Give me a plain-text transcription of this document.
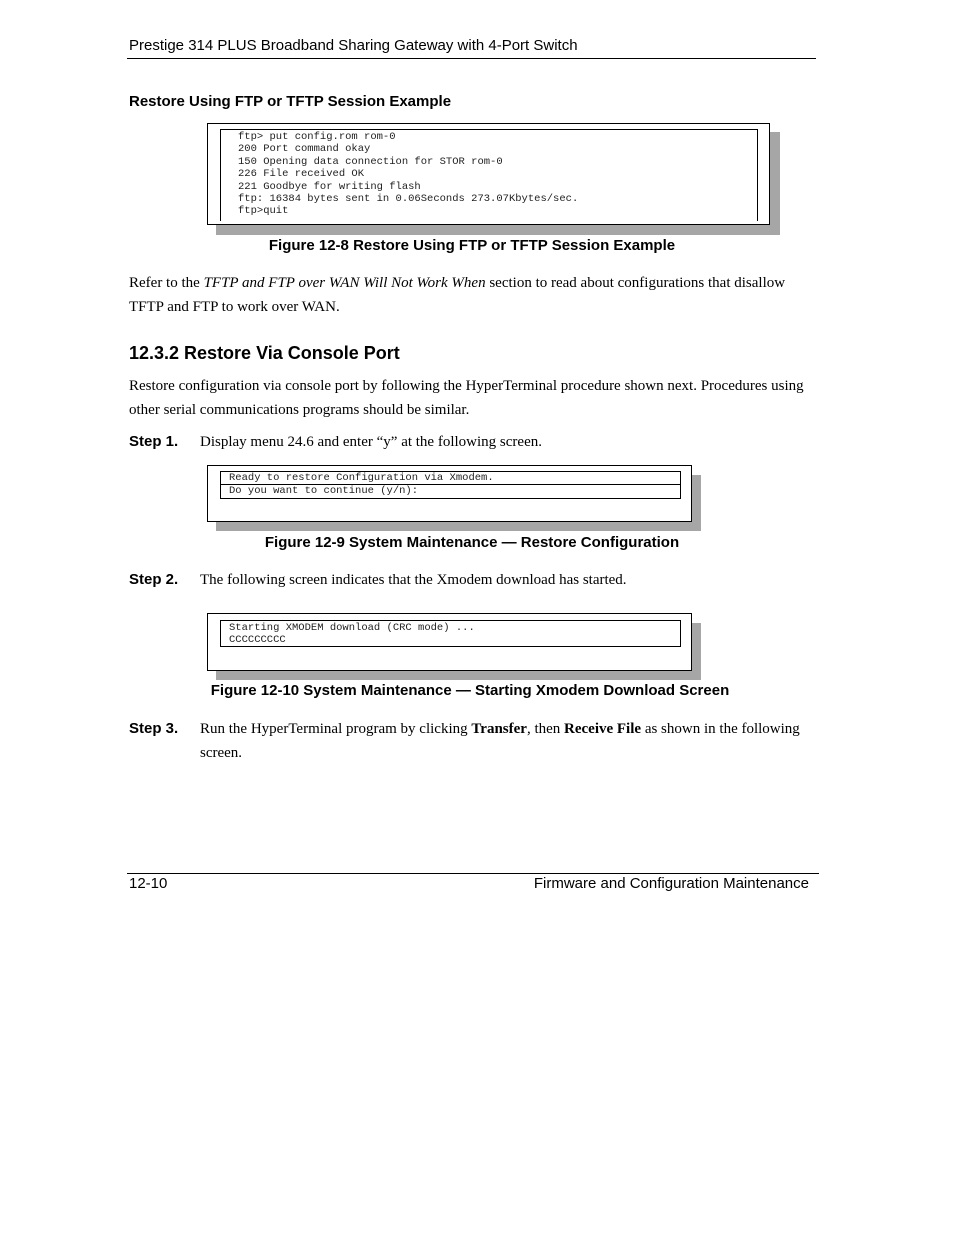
Prestige 314 PLUS Broadband Sharing Gateway with 4-Port Switch
Restore Using FTP or TFTP Session Example
ftp> put config.rom rom-0
200 Port command okay
150 Opening data connection for STOR rom-0
226 File received OK
221 Goodbye for writing flash
ftp: 16384 bytes sent in 0.06Seconds 273.07Kbytes/sec.
ftp>quit
Figure 12-8 Restore Using FTP or TFTP Session Example
Refer to the TFTP and FTP over WAN Will Not Work When section to read about configurations that disallow TFTP and FTP to work over WAN.
12.3.2 Restore Via Console Port
Restore configuration via console port by following the HyperTerminal procedure shown next. Procedures using other serial communications programs should be similar.
Step 1. Display menu 24.6 and enter “y” at the following screen.
Ready to restore Configuration via Xmodem.
Do you want to continue (y/n):
Figure 12-9 System Maintenance — Restore Configuration
Step 2. The following screen indicates that the Xmodem download has started.
Starting XMODEM download (CRC mode) ...
CCCCCCCCC
Figure 12-10 System Maintenance — Starting Xmodem Download Screen
Step 3. Run the HyperTerminal program by clicking Transfer, then Receive File as shown in the following screen.
12-10	Firmware and Configuration Maintenance
